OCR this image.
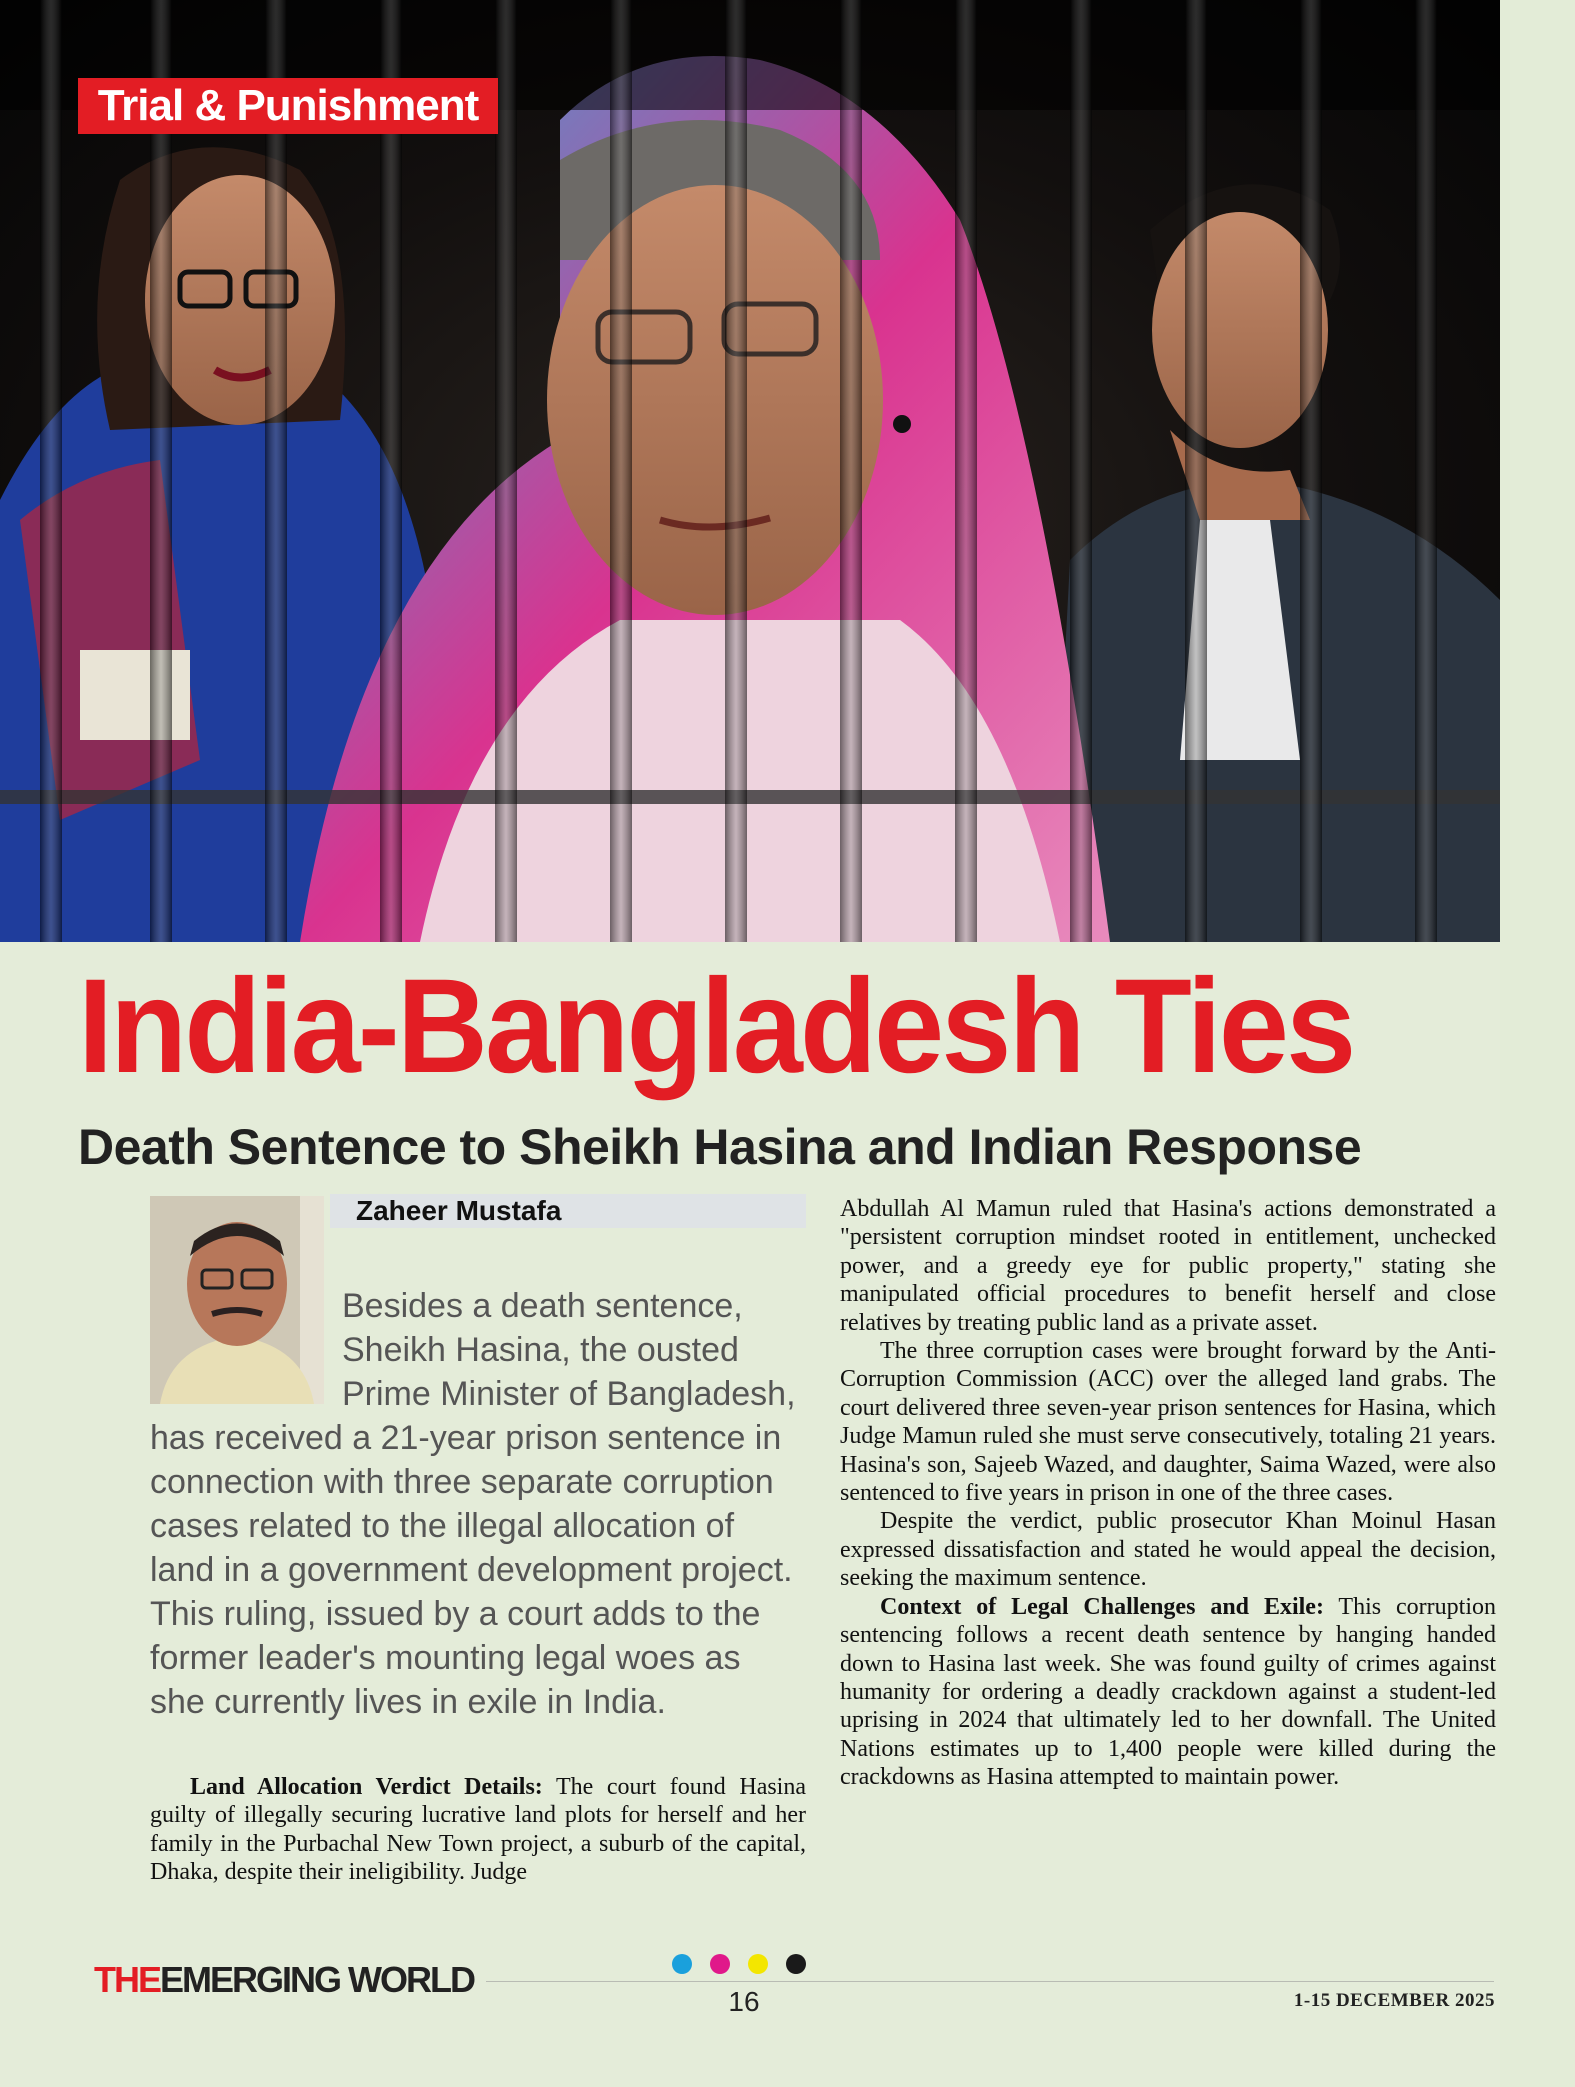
Trial & Punishment
India-Bangladesh Ties
Death Sentence to Sheikh Hasina and Indian Response
Zaheer Mustafa
Besides a death sentence,
Sheikh Hasina, the ousted
Prime Minister of Bangladesh,
has received a 21-year prison sentence in
connection with three separate corruption
cases related to the illegal allocation of
land in a government development project.
This ruling, issued by a court adds to the
former leader's mounting legal woes as
she currently lives in exile in India.

Land Allocation Verdict Details: The court found Hasina guilty of illegally securing lucrative land plots for herself and her family in the Purbachal New Town project, a suburb of the capital, Dhaka, despite their ineligibility. Judge

Abdullah Al Mamun ruled that Hasina's actions demonstrated a "persistent corruption mindset rooted in entitlement, unchecked power, and a greedy eye for public property," stating she manipulated official procedures to benefit herself and close relatives by treating public land as a private asset.

The three corruption cases were brought forward by the Anti-Corruption Commission (ACC) over the alleged land grabs. The court delivered three seven-year prison sentences for Hasina, which Judge Mamun ruled she must serve consecutively, totaling 21 years. Hasina's son, Sajeeb Wazed, and daughter, Saima Wazed, were also sentenced to five years in prison in one of the three cases.

Despite the verdict, public prosecutor Khan Moinul Hasan expressed dissatisfaction and stated he would appeal the decision, seeking the maximum sentence.

Context of Legal Challenges and Exile: This corruption sentencing follows a recent death sentence by hanging handed down to Hasina last week. She was found guilty of crimes against humanity for ordering a deadly crackdown against a student-led uprising in 2024 that ultimately led to her downfall. The United Nations estimates up to 1,400 people were killed during the crackdowns as Hasina attempted to maintain power.

THEEMERGING WORLD
16	1-15 DECEMBER 2025
